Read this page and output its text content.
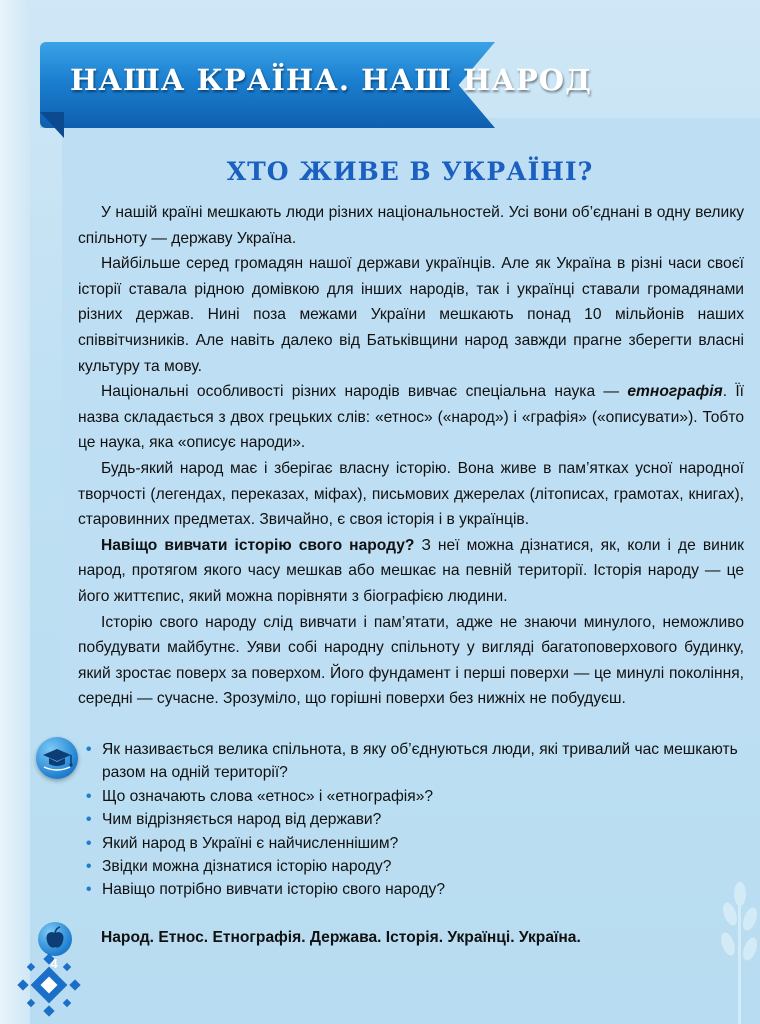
НАША КРАЇНА. НАШ НАРОД
ХТО ЖИВЕ В УКРАЇНІ?

У нашій країні мешкають люди різних національностей. Усі вони об’єднані в одну велику спільноту — державу Україна.

Найбільше серед громадян нашої держави українців. Але як Україна в різні часи своєї історії ставала рідною домівкою для інших народів, так і українці ставали громадянами різних держав. Нині поза межами України мешкають понад 10 мільйонів наших співвітчизників. Але навіть далеко від Батьківщини народ завжди прагне зберегти власні культуру та мову.

Національні особливості різних народів вивчає спеціальна наука — етнографія. Її назва складається з двох грецьких слів: «етнос» («народ») і «графія» («описувати»). Тобто це наука, яка «описує народи».

Будь-який народ має і зберігає власну історію. Вона живе в пам’ятках усної народної творчості (легендах, переказах, міфах), письмових джерелах (літописах, грамотах, книгах), старовинних предметах. Звичайно, є своя історія і в українців.

Навіщо вивчати історію свого народу? З неї можна дізнатися, як, коли і де виник народ, протягом якого часу мешкав або мешкає на певній території. Історія народу — це його життєпис, який можна порівняти з біографією людини.

Історію свого народу слід вивчати і пам’ятати, адже не знаючи минулого, неможливо побудувати майбутнє. Уяви собі народну спільноту у вигляді багатоповерхового будинку, який зростає поверх за поверхом. Його фундамент і перші поверхи — це минулі покоління, середні — сучасне. Зрозуміло, що горішні поверхи без нижніх не побудуєш.

• Як називається велика спільнота, в яку об’єднуються люди, які тривалий час мешкають разом на одній території?
• Що означають слова «етнос» і «етнографія»?
• Чим відрізняється народ від держави?
• Який народ в Україні є найчисленнішим?
• Звідки можна дізнатися історію народу?
• Навіщо потрібно вивчати історію свого народу?
Народ. Етнос. Етнографія. Держава. Історія. Українці. Україна.
4
